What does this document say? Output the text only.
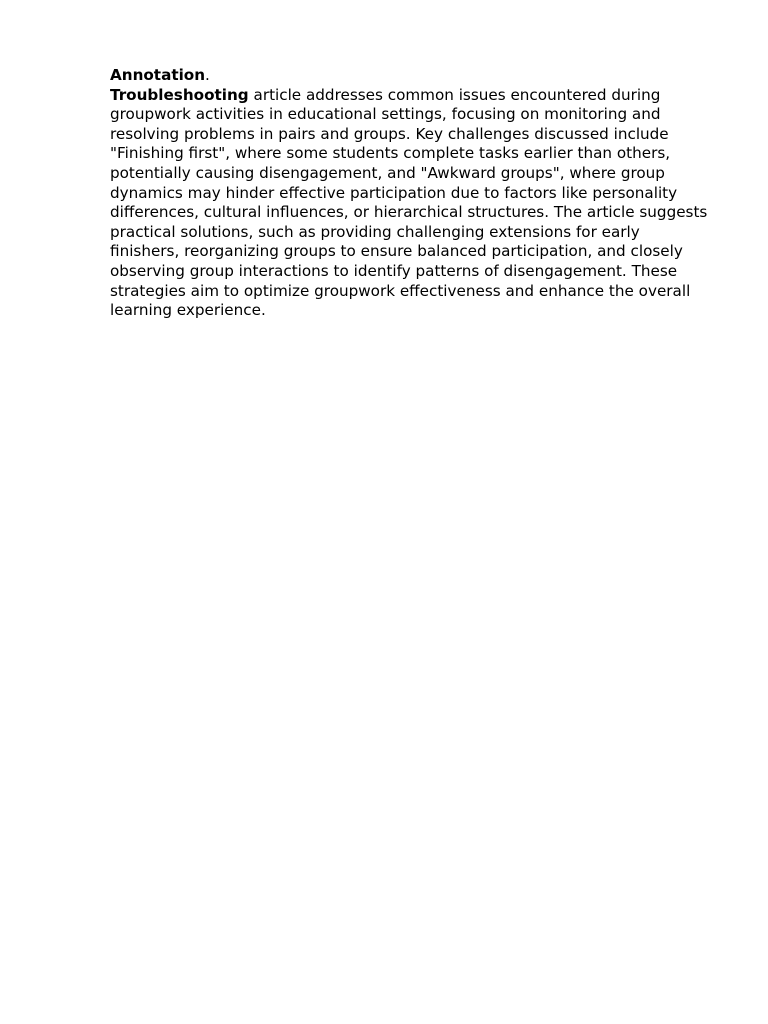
Annotation.

Troubleshooting article addresses common issues encountered during groupwork activities in educational settings, focusing on monitoring and resolving problems in pairs and groups. Key challenges discussed include "Finishing first", where some students complete tasks earlier than others, potentially causing disengagement, and "Awkward groups", where group dynamics may hinder effective participation due to factors like personality differences, cultural influences, or hierarchical structures. The article suggests practical solutions, such as providing challenging extensions for early finishers, reorganizing groups to ensure balanced participation, and closely observing group interactions to identify patterns of disengagement. These strategies aim to optimize groupwork effectiveness and enhance the overall learning experience.
